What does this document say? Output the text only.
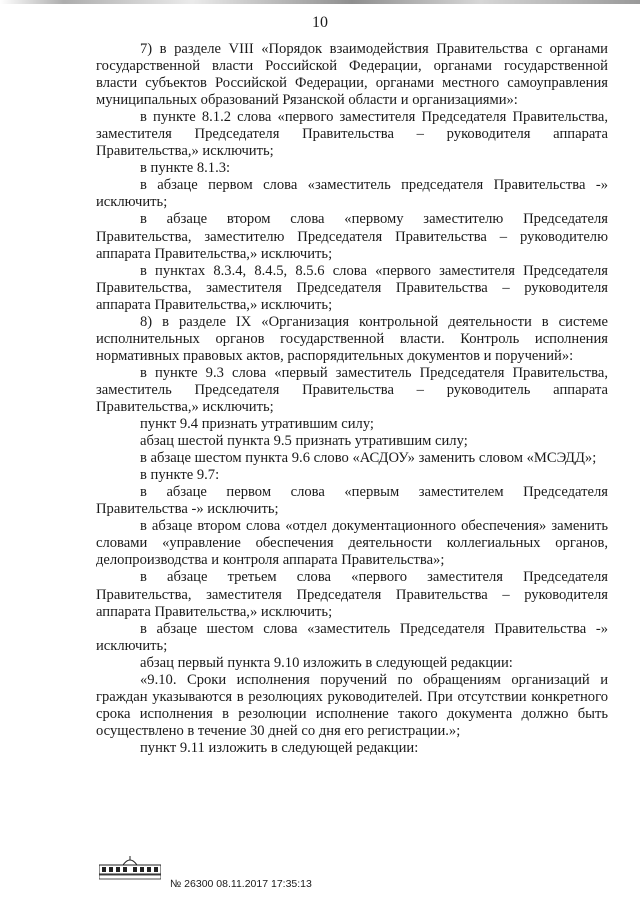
10

7) в разделе VIII «Порядок взаимодействия Правительства с органами государственной власти Российской Федерации, органами государственной власти субъектов Российской Федерации, органами местного самоуправления муниципальных образований Рязанской области и организациями»:

в пункте 8.1.2 слова «первого заместителя Председателя Правительства, заместителя Председателя Правительства – руководителя аппарата Правительства,» исключить;

в пункте 8.1.3:

в абзаце первом слова «заместитель председателя Правительства -» исключить;

в абзаце втором слова «первому заместителю Председателя Правительства, заместителю Председателя Правительства – руководителю аппарата Правительства,» исключить;

в пунктах 8.3.4, 8.4.5, 8.5.6 слова «первого заместителя Председателя Правительства, заместителя Председателя Правительства – руководителя аппарата Правительства,» исключить;

8) в разделе IX «Организация контрольной деятельности в системе исполнительных органов государственной власти. Контроль исполнения нормативных правовых актов, распорядительных документов и поручений»:

в пункте 9.3 слова «первый заместитель Председателя Правительства, заместитель Председателя Правительства – руководитель аппарата Правительства,» исключить;

пункт 9.4 признать утратившим силу;

абзац шестой пункта 9.5 признать утратившим силу;

в абзаце шестом пункта 9.6 слово «АСДОУ» заменить словом «МСЭДД»;

в пункте 9.7:

в абзаце первом слова «первым заместителем Председателя Правительства -» исключить;

в абзаце втором слова «отдел документационного обеспечения» заменить словами «управление обеспечения деятельности коллегиальных органов, делопроизводства и контроля аппарата Правительства»;

в абзаце третьем слова «первого заместителя Председателя Правительства, заместителя Председателя Правительства – руководителя аппарата Правительства,» исключить;

в абзаце шестом слова «заместитель Председателя Правительства -» исключить;

абзац первый пункта 9.10 изложить в следующей редакции:

«9.10. Сроки исполнения поручений по обращениям организаций и граждан указываются в резолюциях руководителей. При отсутствии конкретного срока исполнения в резолюции исполнение такого документа должно быть осуществлено в течение 30 дней со дня его регистрации.»;

пункт 9.11 изложить в следующей редакции:

№ 26300 08.11.2017 17:35:13
